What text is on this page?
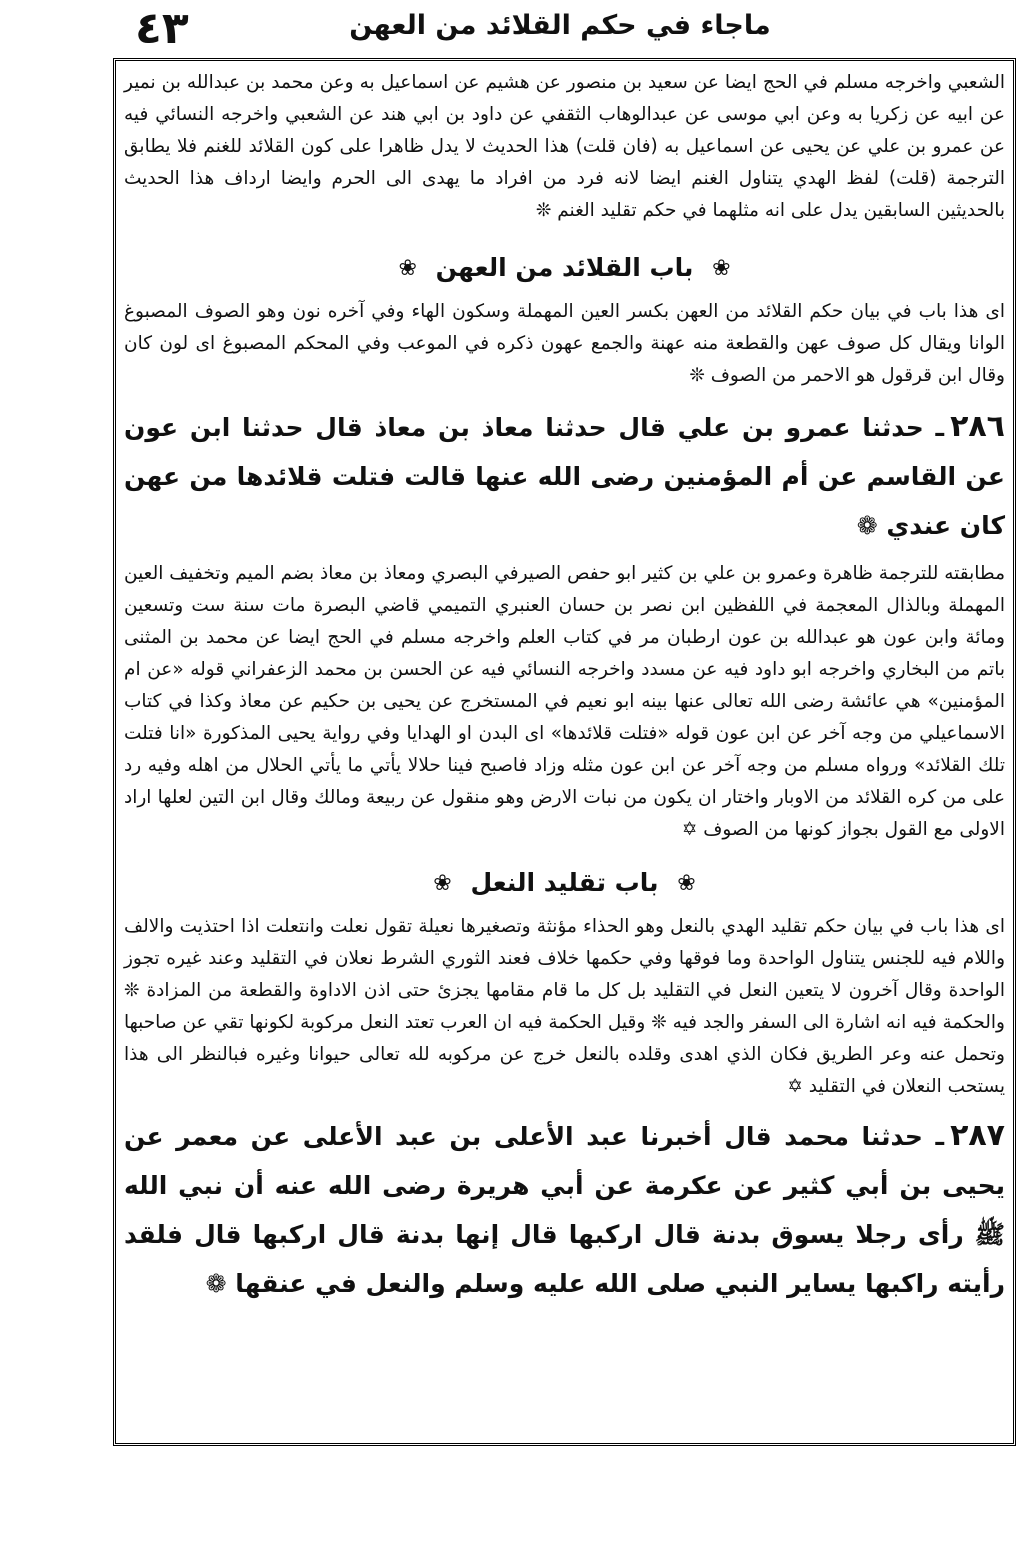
٤٣	ماجاء في حكم القلائد من العهن

الشعبي واخرجه مسلم في الحج ايضا عن سعيد بن منصور عن هشيم عن اسماعيل به وعن محمد بن عبدالله بن نمير عن ابيه عن زكريا به وعن ابي موسى عن عبدالوهاب الثقفي عن داود بن ابي هند عن الشعبي واخرجه النسائي فيه عن عمرو بن علي عن يحيى عن اسماعيل به (فان قلت) هذا الحديث لا يدل ظاهرا على كون القلائد للغنم فلا يطابق الترجمة (قلت) لفظ الهدي يتناول الغنم ايضا لانه فرد من افراد ما يهدى الى الحرم وايضا ارداف هذا الحديث بالحديثين السابقين يدل على انه مثلهما في حكم تقليد الغنم ❊

❀ باب القلائد من العهن ❀

اى هذا باب في بيان حكم القلائد من العهن بكسر العين المهملة وسكون الهاء وفي آخره نون وهو الصوف المصبوغ الوانا ويقال كل صوف عهن والقطعة منه عهنة والجمع عهون ذكره في الموعب وفي المحكم المصبوغ اى لون كان وقال ابن قرقول هو الاحمر من الصوف ❊

٢٨٦ـ حدثنا عمرو بن علي قال حدثنا معاذ بن معاذ قال حدثنا ابن عون عن القاسم عن أم المؤمنين رضى الله عنها قالت فتلت قلائدها من عهن كان عندي ❁

مطابقته للترجمة ظاهرة وعمرو بن علي بن كثير ابو حفص الصيرفي البصري ومعاذ بن معاذ بضم الميم وتخفيف العين المهملة وبالذال المعجمة في اللفظين ابن نصر بن حسان العنبري التميمي قاضي البصرة مات سنة ست وتسعين ومائة وابن عون هو عبدالله بن عون ارطبان مر في كتاب العلم واخرجه مسلم في الحج ايضا عن محمد بن المثنى باتم من البخاري واخرجه ابو داود فيه عن مسدد واخرجه النسائي فيه عن الحسن بن محمد الزعفراني قوله «عن ام المؤمنين» هي عائشة رضى الله تعالى عنها بينه ابو نعيم في المستخرج عن يحيى بن حكيم عن معاذ وكذا في كتاب الاسماعيلي من وجه آخر عن ابن عون قوله «فتلت قلائدها» اى البدن او الهدايا وفي رواية يحيى المذكورة «انا فتلت تلك القلائد» ورواه مسلم من وجه آخر عن ابن عون مثله وزاد فاصبح فينا حلالا يأتي ما يأتي الحلال من اهله وفيه رد على من كره القلائد من الاوبار واختار ان يكون من نبات الارض وهو منقول عن ربيعة ومالك وقال ابن التين لعلها اراد الاولى مع القول بجواز كونها من الصوف ✡

❀ باب تقليد النعل ❀

اى هذا باب في بيان حكم تقليد الهدي بالنعل وهو الحذاء مؤنثة وتصغيرها نعيلة تقول نعلت وانتعلت اذا احتذيت والالف واللام فيه للجنس يتناول الواحدة وما فوقها وفي حكمها خلاف فعند الثوري الشرط نعلان في التقليد وعند غيره تجوز الواحدة وقال آخرون لا يتعين النعل في التقليد بل كل ما قام مقامها يجزئ حتى اذن الاداوة والقطعة من المزادة ❊ والحكمة فيه انه اشارة الى السفر والجد فيه ❊ وقيل الحكمة فيه ان العرب تعتد النعل مركوبة لكونها تقي عن صاحبها وتحمل عنه وعر الطريق فكان الذي اهدى وقلده بالنعل خرج عن مركوبه لله تعالى حيوانا وغيره فبالنظر الى هذا يستحب النعلان في التقليد ✡

٢٨٧ـ حدثنا محمد قال أخبرنا عبد الأعلى بن عبد الأعلى عن معمر عن يحيى بن أبي كثير عن عكرمة عن أبي هريرة رضى الله عنه أن نبي الله ﷺ رأى رجلا يسوق بدنة قال اركبها قال إنها بدنة قال اركبها قال فلقد رأيته راكبها يساير النبي صلى الله عليه وسلم والنعل في عنقها ❁
